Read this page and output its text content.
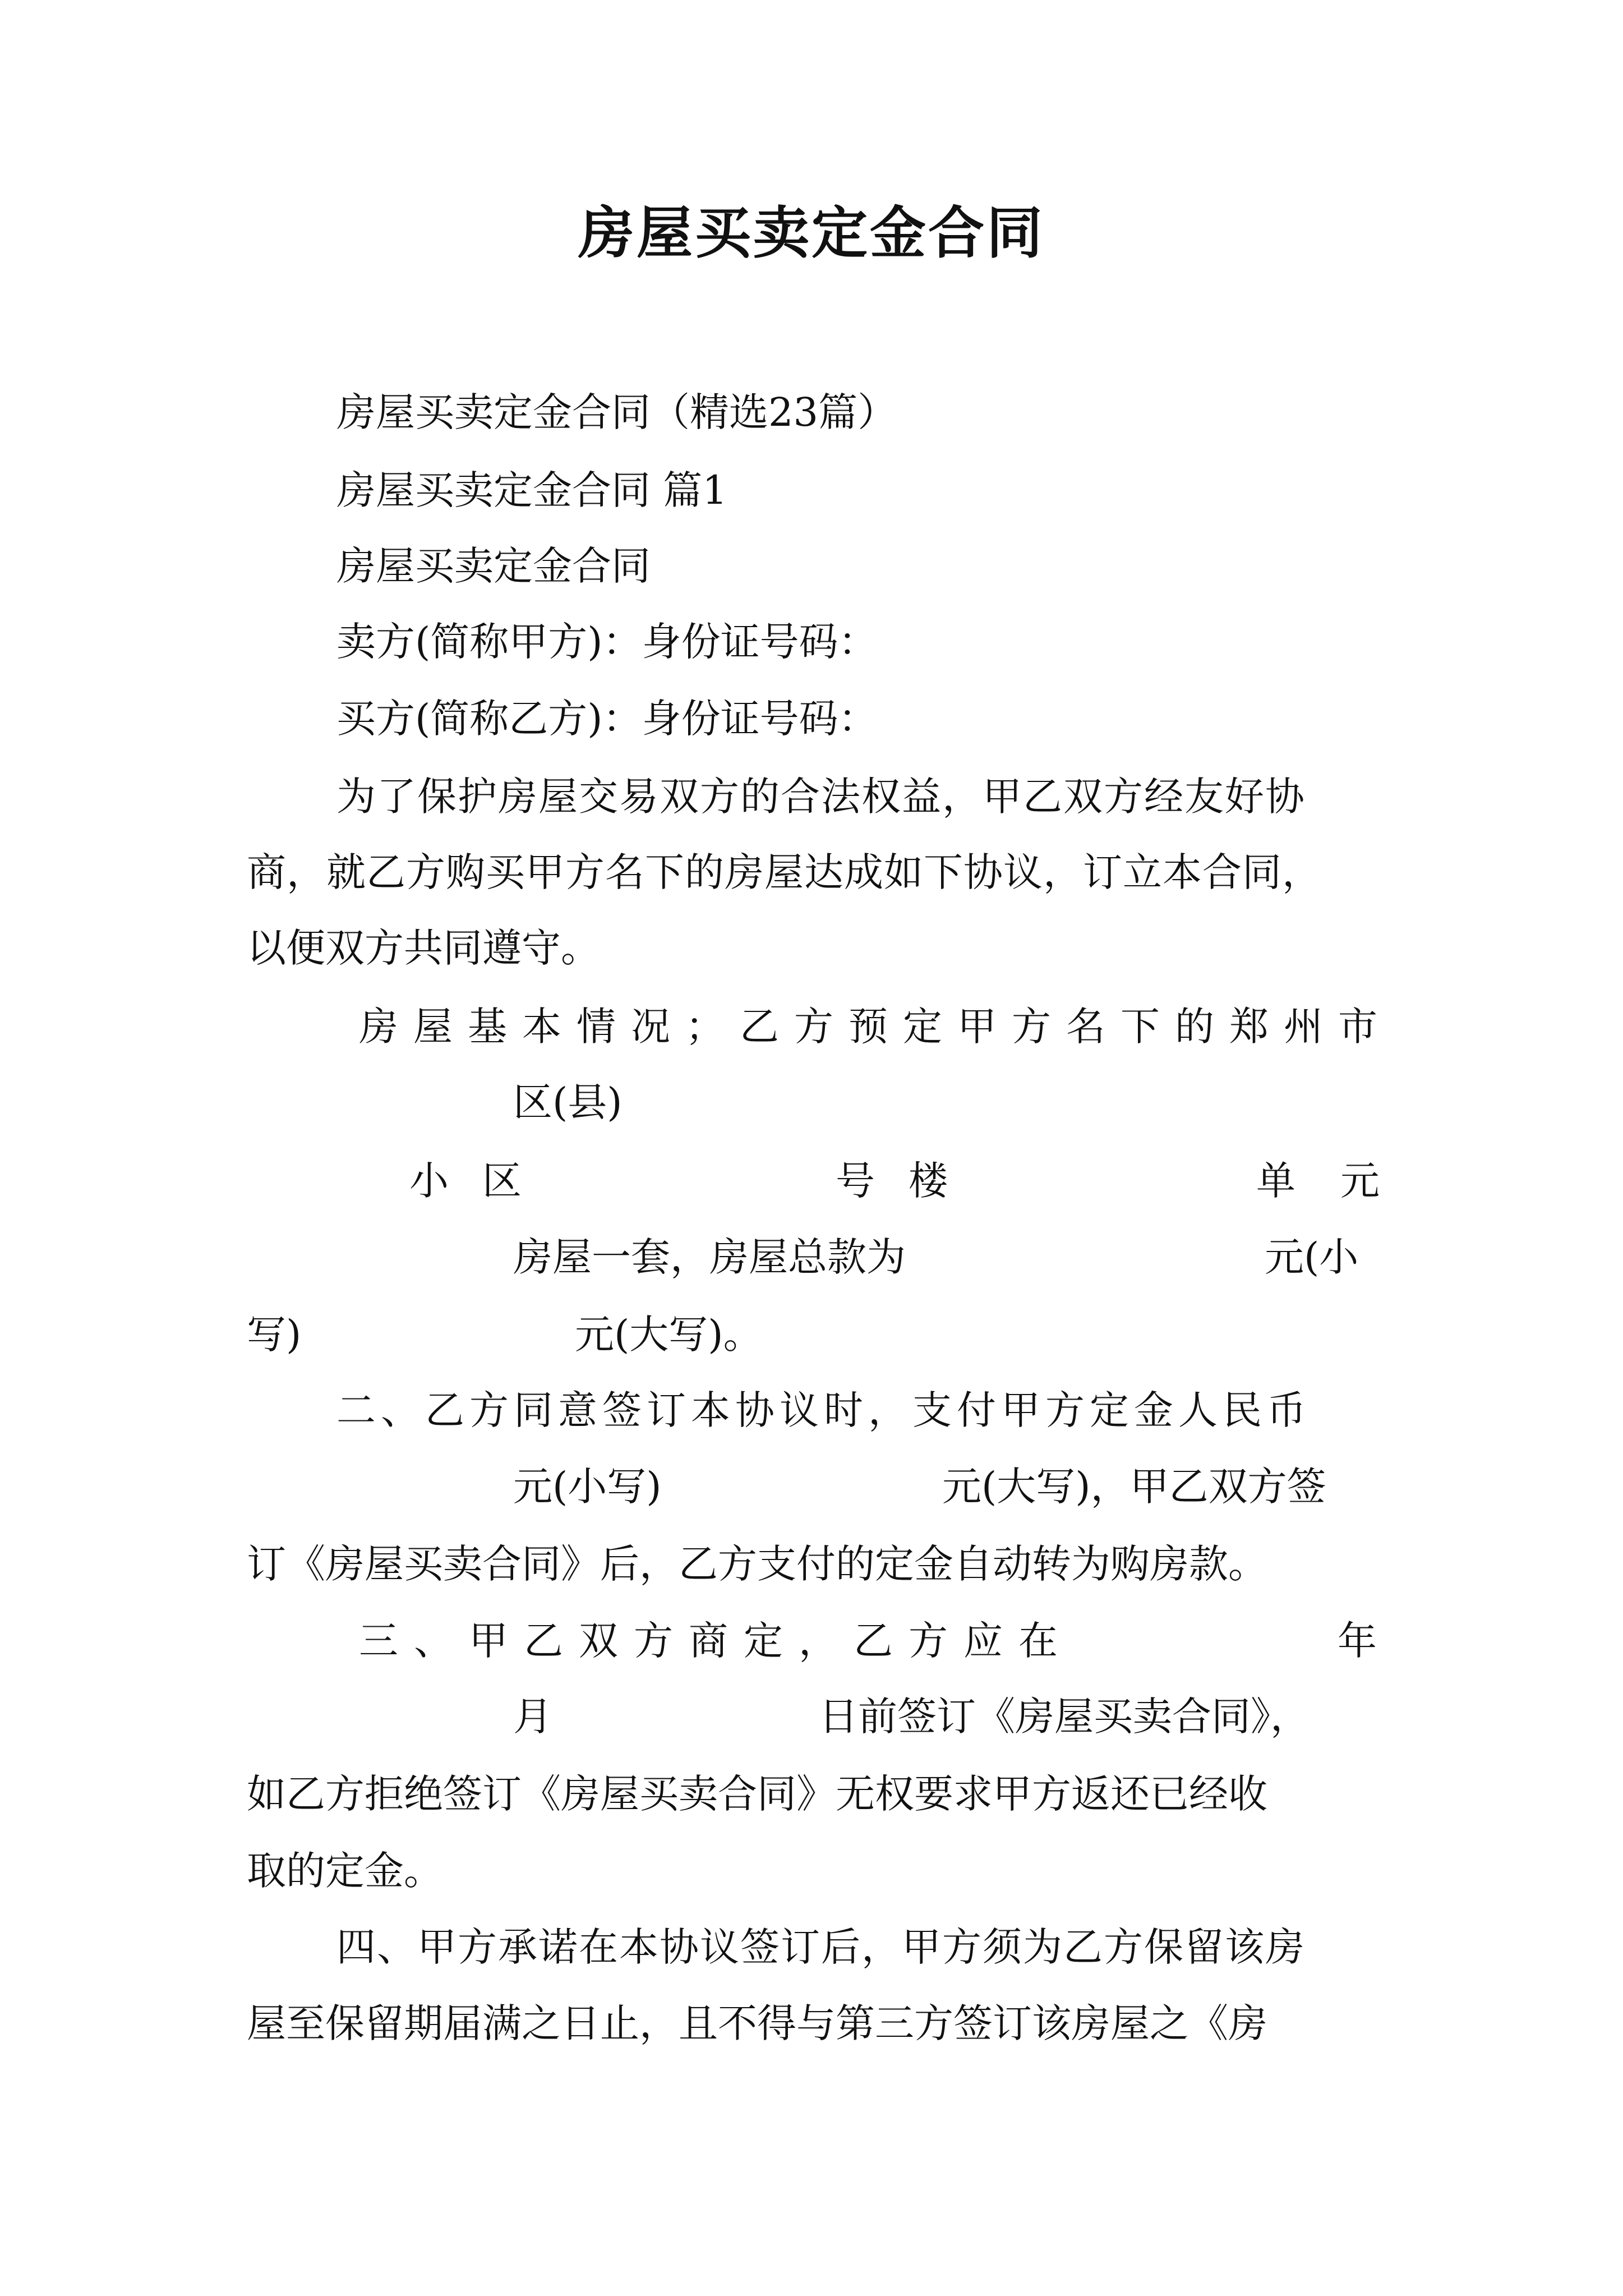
房屋买卖定金合同
房屋买卖定金合同（精选23篇）
房屋买卖定金合同 篇1
房屋买卖定金合同
卖方(简称甲方)：身份证号码：
买方(简称乙方)：身份证号码：
为了保护房屋交易双方的合法权益，甲乙双方经友好协
商，就乙方购买甲方名下的房屋达成如下协议，订立本合同，
以便双方共同遵守。
房屋基本情况；乙方预定甲方名下的郑州市
区(县)
小区	号楼	单元
房屋一套，房屋总款为	元(小
写)	元(大写)。
二、乙方同意签订本协议时，支付甲方定金人民币
元(小写)	元(大写)，甲乙双方签
订《房屋买卖合同》后，乙方支付的定金自动转为购房款。
三、甲乙双方商定，乙方应在	年
月	日前签订《房屋买卖合同》，
如乙方拒绝签订《房屋买卖合同》无权要求甲方返还已经收
取的定金。
四、甲方承诺在本协议签订后，甲方须为乙方保留该房
屋至保留期届满之日止，且不得与第三方签订该房屋之《房
